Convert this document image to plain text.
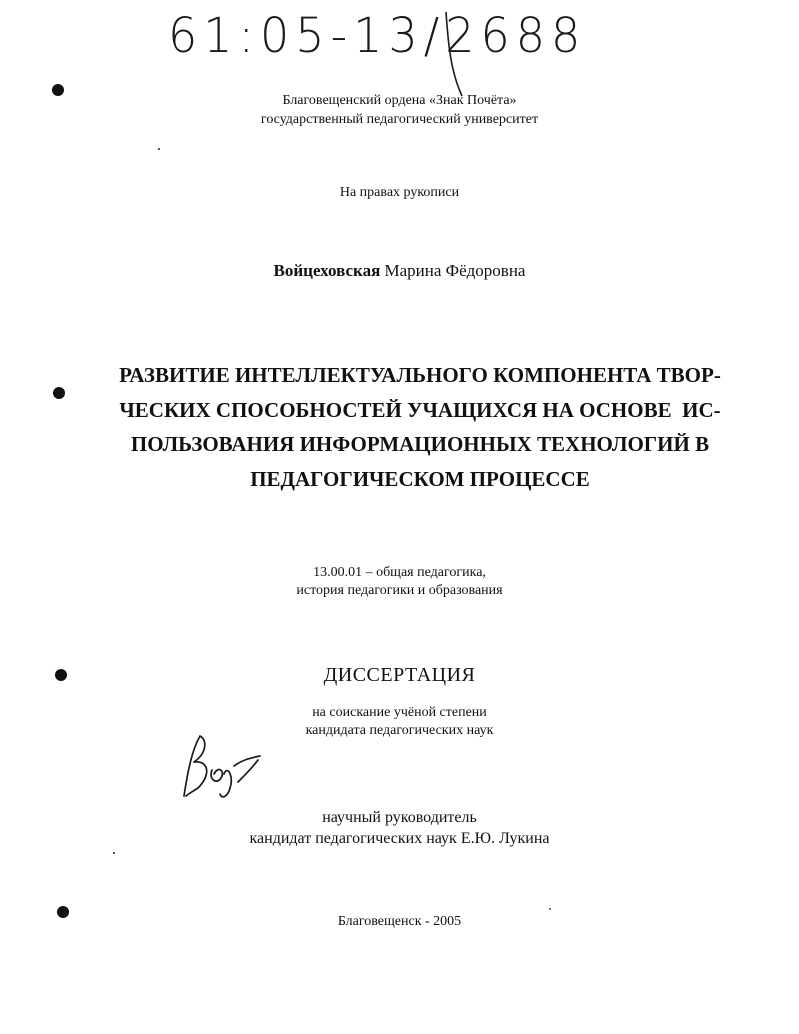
61:05-13/2688
Благовещенский ордена «Знак Почёта»
государственный педагогический университет
На правах рукописи
Войцеховская Марина Фёдоровна
РАЗВИТИЕ ИНТЕЛЛЕКТУАЛЬНОГО КОМПОНЕНТА ТВОР-
ЧЕСКИХ СПОСОБНОСТЕЙ УЧАЩИХСЯ НА ОСНОВЕ  ИС-
ПОЛЬЗОВАНИЯ ИНФОРМАЦИОННЫХ ТЕХНОЛОГИЙ В
ПЕДАГОГИЧЕСКОМ ПРОЦЕССЕ
13.00.01 – общая педагогика,
история педагогики и образования
ДИССЕРТАЦИЯ
на соискание учёной степени
кандидата педагогических наук
научный руководитель
кандидат педагогических наук Е.Ю. Лукина
Благовещенск - 2005
